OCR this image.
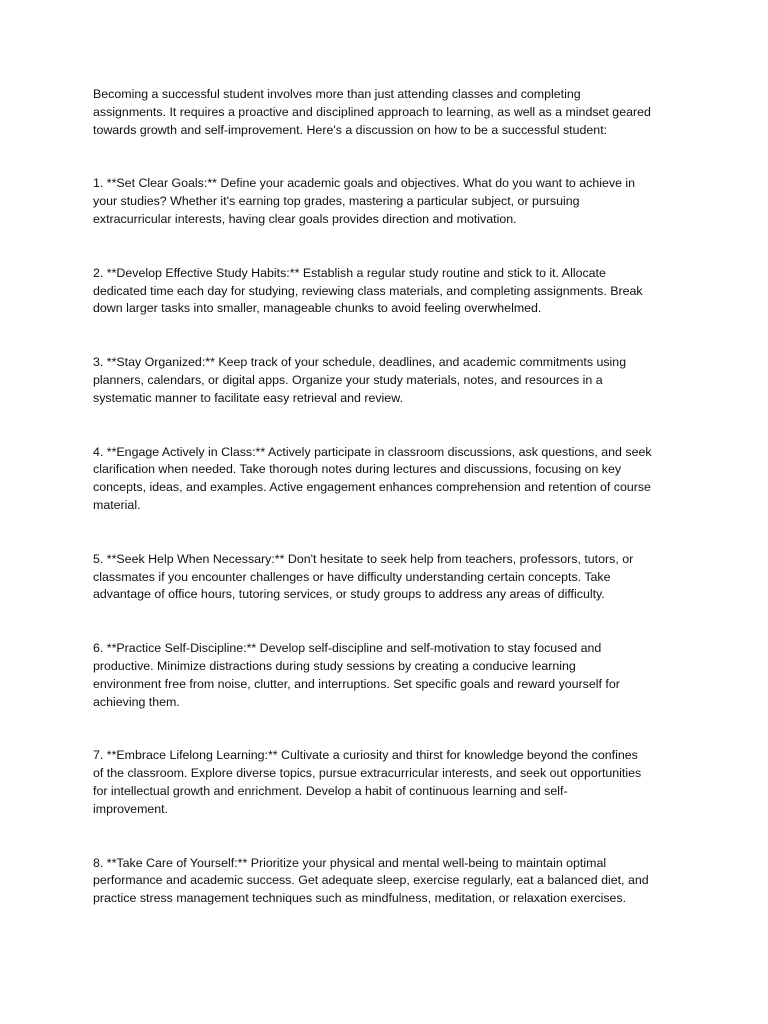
Becoming a successful student involves more than just attending classes and completing
assignments. It requires a proactive and disciplined approach to learning, as well as a mindset geared
towards growth and self-improvement. Here's a discussion on how to be a successful student:

1. **Set Clear Goals:** Define your academic goals and objectives. What do you want to achieve in
your studies? Whether it's earning top grades, mastering a particular subject, or pursuing
extracurricular interests, having clear goals provides direction and motivation.

2. **Develop Effective Study Habits:** Establish a regular study routine and stick to it. Allocate
dedicated time each day for studying, reviewing class materials, and completing assignments. Break
down larger tasks into smaller, manageable chunks to avoid feeling overwhelmed.

3. **Stay Organized:** Keep track of your schedule, deadlines, and academic commitments using
planners, calendars, or digital apps. Organize your study materials, notes, and resources in a
systematic manner to facilitate easy retrieval and review.

4. **Engage Actively in Class:** Actively participate in classroom discussions, ask questions, and seek
clarification when needed. Take thorough notes during lectures and discussions, focusing on key
concepts, ideas, and examples. Active engagement enhances comprehension and retention of course
material.

5. **Seek Help When Necessary:** Don't hesitate to seek help from teachers, professors, tutors, or
classmates if you encounter challenges or have difficulty understanding certain concepts. Take
advantage of office hours, tutoring services, or study groups to address any areas of difficulty.

6. **Practice Self-Discipline:** Develop self-discipline and self-motivation to stay focused and
productive. Minimize distractions during study sessions by creating a conducive learning
environment free from noise, clutter, and interruptions. Set specific goals and reward yourself for
achieving them.

7. **Embrace Lifelong Learning:** Cultivate a curiosity and thirst for knowledge beyond the confines
of the classroom. Explore diverse topics, pursue extracurricular interests, and seek out opportunities
for intellectual growth and enrichment. Develop a habit of continuous learning and self-
improvement.

8. **Take Care of Yourself:** Prioritize your physical and mental well-being to maintain optimal
performance and academic success. Get adequate sleep, exercise regularly, eat a balanced diet, and
practice stress management techniques such as mindfulness, meditation, or relaxation exercises.
